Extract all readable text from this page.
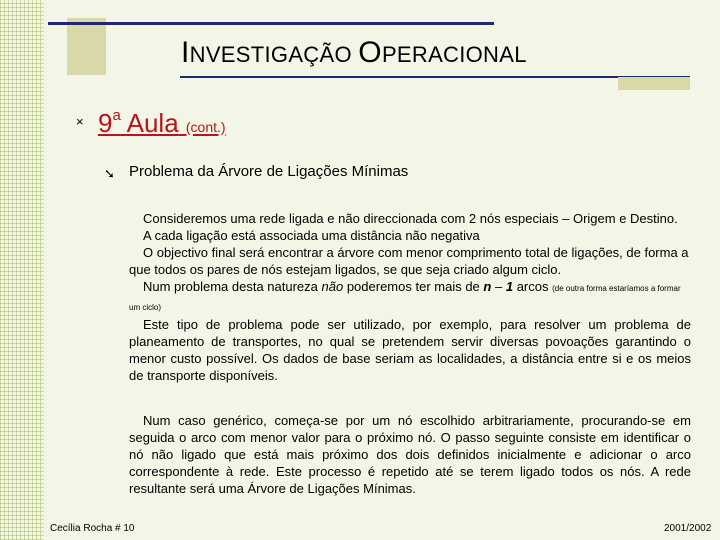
INVESTIGAÇÃO OPERACIONAL
× $9^a$ Aula (cont.)
➘ Problema da Árvore de Ligações Mínimas

Consideremos uma rede ligada e não direccionada com 2 nós especiais – Origem e Destino.

A cada ligação está associada uma distância não negativa

O objectivo final será encontrar a árvore com menor comprimento total de ligações, de forma a que todos os pares de nós estejam ligados, se que seja criado algum ciclo.

Num problema desta natureza não poderemos ter mais de n – 1 arcos (de outra forma estaríamos a formar um ciclo)

Este tipo de problema pode ser utilizado, por exemplo, para resolver um problema de planeamento de transportes, no qual se pretendem servir diversas povoações garantindo o menor custo possível. Os dados de base seriam as localidades, a distância entre si e os meios de transporte disponíveis.

Num caso genérico, começa-se por um nó escolhido arbitrariamente, procurando-se em seguida o arco com menor valor para o próximo nó. O passo seguinte consiste em identificar o nó não ligado que está mais próximo dos dois definidos inicialmente e adicionar o arco correspondente à rede. Este processo é repetido até se terem ligado todos os nós. A rede resultante será uma Árvore de Ligações Mínimas.

Cecília Rocha # 10	2001/2002
